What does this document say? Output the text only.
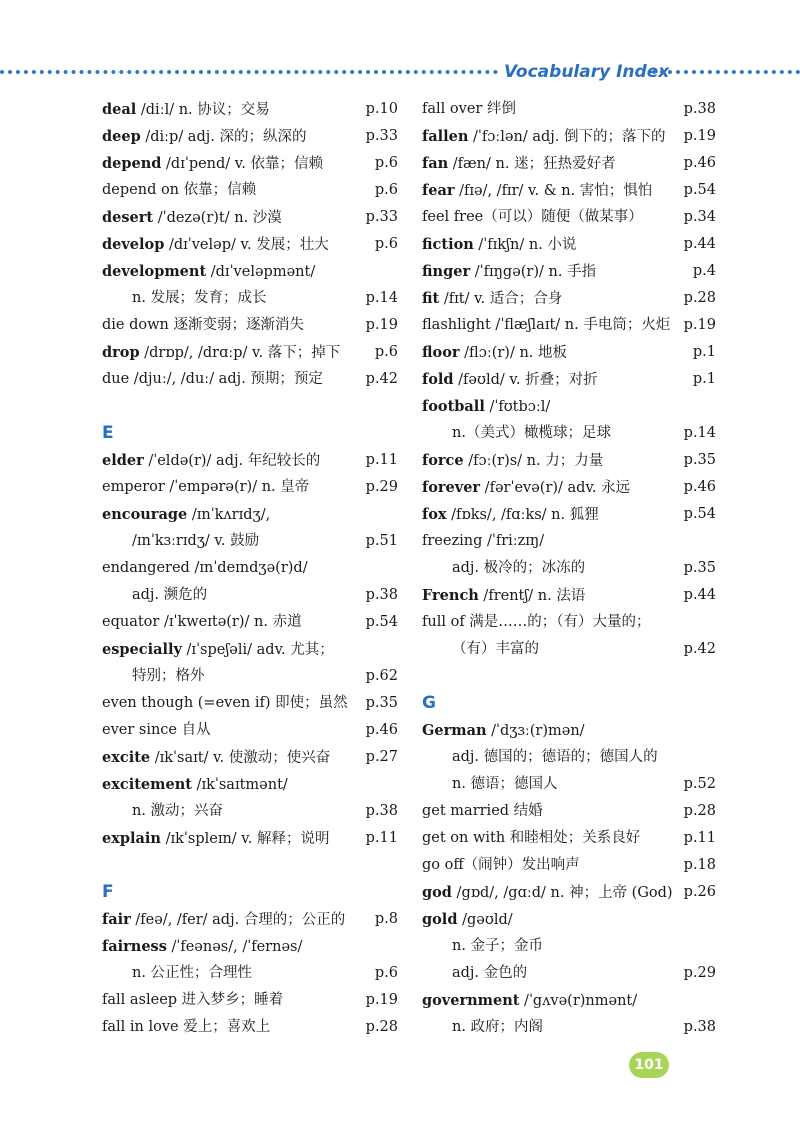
Vocabulary Index
deal /diːl/ n. 协议；交易	p.10
deep /diːp/ adj. 深的；纵深的	p.33
depend /dɪˈpend/ v. 依靠；信赖	p.6
depend on 依靠；信赖	p.6
desert /ˈdezə(r)t/ n. 沙漠	p.33
develop /dɪˈveləp/ v. 发展；壮大	p.6
development /dɪˈveləpmənt/
n. 发展；发育；成长	p.14
die down 逐渐变弱；逐渐消失	p.19
drop /drɒp/, /drɑːp/ v. 落下；掉下 p.6
due /djuː/, /duː/ adj. 预期；预定	p.42
E
elder /ˈeldə(r)/ adj. 年纪较长的	p.11
emperor /ˈempərə(r)/ n. 皇帝	p.29
encourage /ɪnˈkʌrɪdʒ/,
/ɪnˈkɜːrɪdʒ/ v. 鼓励	p.51
endangered /ɪnˈdeɪndʒə(r)d/
adj. 濒危的	p.38
equator /ɪˈkweɪtə(r)/ n. 赤道	p.54
especially /ɪˈspeʃəli/ adv. 尤其；
特别；格外	p.62
even though (=even if) 即使；虽然 p.35
ever since 自从	p.46
excite /ɪkˈsaɪt/ v. 使激动；使兴奋 p.27
excitement /ɪkˈsaɪtmənt/
n. 激动；兴奋	p.38
explain /ɪkˈspleɪn/ v. 解释；说明 p.11
F
fair /feə/, /fer/ adj. 合理的；公正的 p.8
fairness /ˈfeənəs/, /ˈfernəs/
n. 公正性；合理性	p.6
fall asleep 进入梦乡；睡着	p.19
fall in love 爱上；喜欢上	p.28
fall over 绊倒	p.38
fallen /ˈfɔːlən/ adj. 倒下的；落下的 p.19
fan /fæn/ n. 迷；狂热爱好者	p.46
fear /fɪə/, /fɪr/ v. & n. 害怕；惧怕 p.54
feel free（可以）随便（做某事）	p.34
fiction /ˈfɪkʃn/ n. 小说	p.44
finger /ˈfɪŋgə(r)/ n. 手指	p.4
fit /fɪt/ v. 适合；合身	p.28
flashlight /ˈflæʃlaɪt/ n. 手电筒；火炬 p.19
floor /flɔː(r)/ n. 地板	p.1
fold /fəʊld/ v. 折叠；对折	p.1
football /ˈfʊtbɔːl/
n.（美式）橄榄球；足球	p.14
force /fɔː(r)s/ n. 力；力量	p.35
forever /fərˈevə(r)/ adv. 永远	p.46
fox /fɒks/, /fɑːks/ n. 狐狸	p.54
freezing /ˈfriːzɪŋ/
adj. 极冷的；冰冻的	p.35
French /frentʃ/ n. 法语	p.44
full of 满是……的；（有）大量的；
（有）丰富的	p.42
G
German /ˈdʒɜː(r)mən/
adj. 德国的；德语的；德国人的
n. 德语；德国人	p.52
get married 结婚	p.28
get on with 和睦相处；关系良好	p.11
go off（闹钟）发出响声	p.18
god /gɒd/, /gɑːd/ n. 神；上帝 (God) p.26
gold /gəʊld/
n. 金子；金币
adj. 金色的	p.29
government /ˈgʌvə(r)nmənt/
n. 政府；内阁	p.38
101
